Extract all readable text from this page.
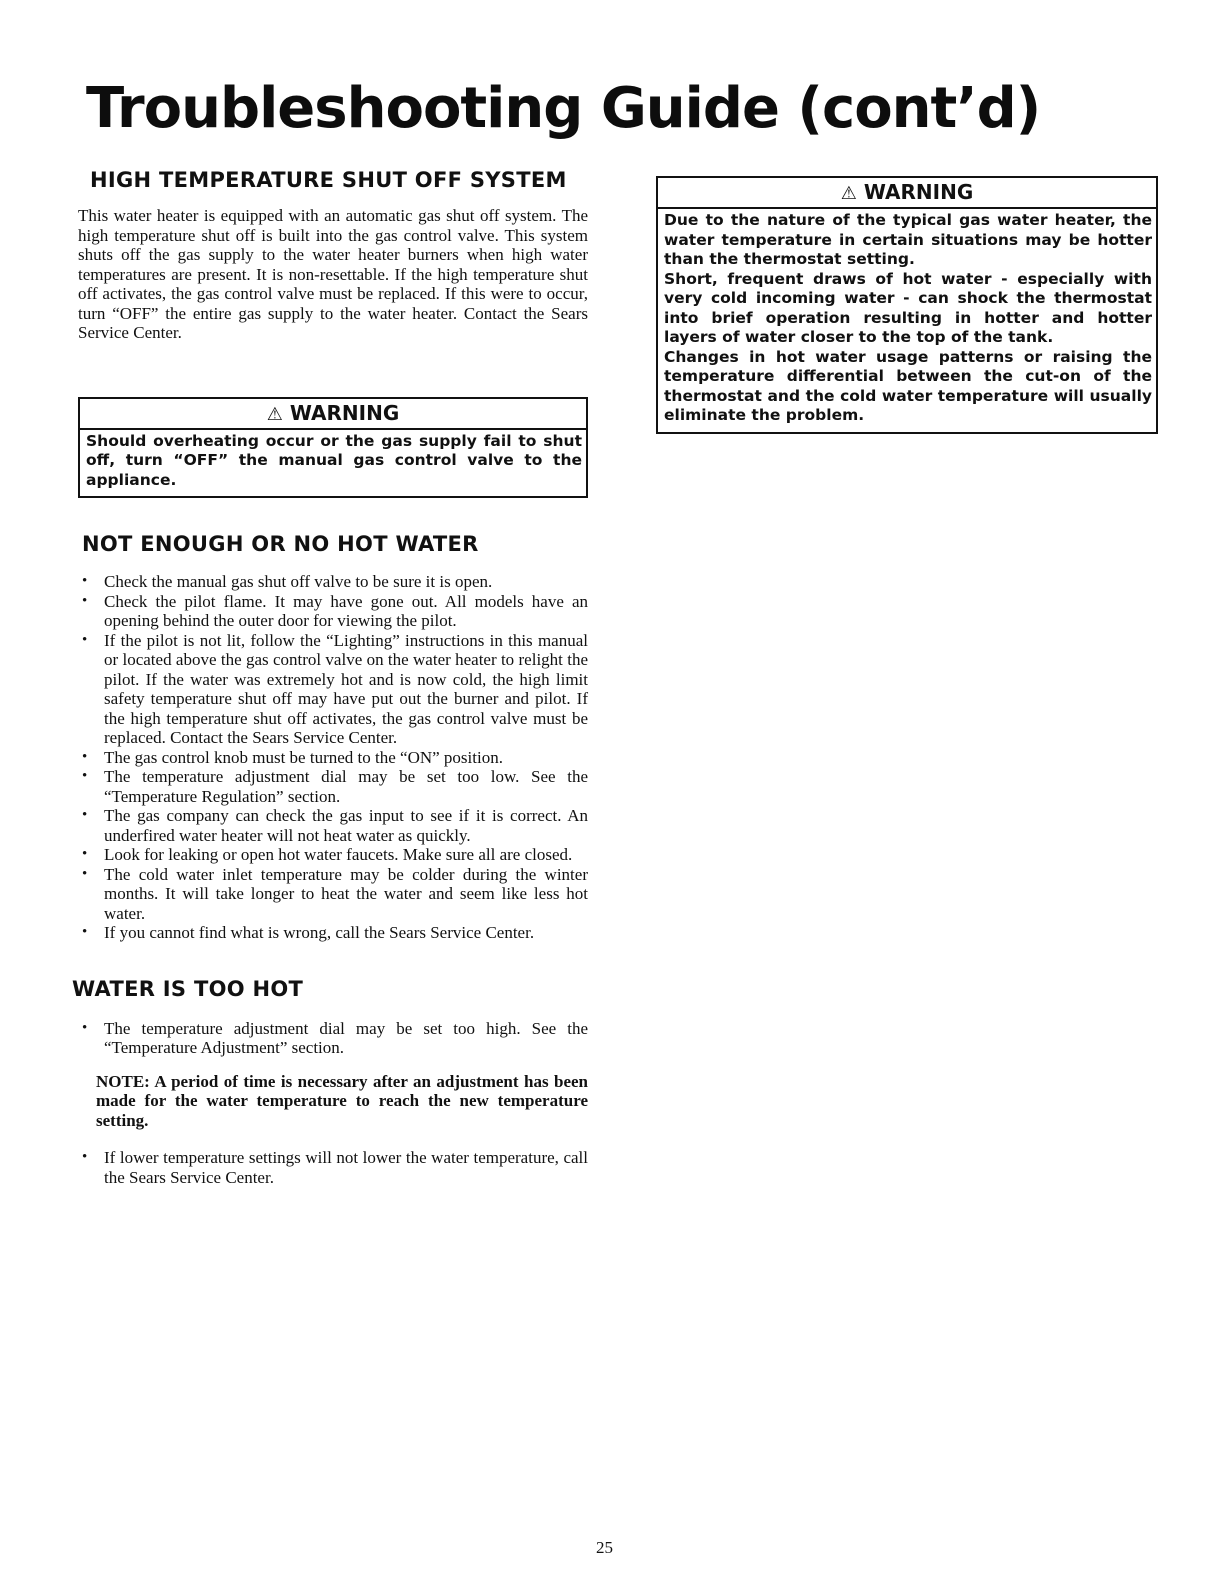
Troubleshooting Guide (cont’d)
HIGH TEMPERATURE SHUT OFF SYSTEM

This water heater is equipped with an automatic gas shut off system. The high temperature shut off is built into the gas control valve. This system shuts off the gas supply to the water heater burners when high water temperatures are present. It is non-resettable. If the high temperature shut off activates, the gas control valve must be replaced. If this were to occur, turn “OFF” the entire gas supply to the water heater. Contact the Sears Service Center.

⚠ WARNING

Should overheating occur or the gas supply fail to shut off, turn “OFF” the manual gas control valve to the appliance.

NOT ENOUGH OR NO HOT WATER
• Check the manual gas shut off valve to be sure it is open.
• Check the pilot flame. It may have gone out. All models have an opening behind the outer door for viewing the pilot.
• If the pilot is not lit, follow the “Lighting” instructions in this manual or located above the gas control valve on the water heater to relight the pilot. If the water was extremely hot and is now cold, the high limit safety temperature shut off may have put out the burner and pilot. If the high temperature shut off activates, the gas control valve must be replaced. Contact the Sears Service Center.
• The gas control knob must be turned to the “ON” position.
• The temperature adjustment dial may be set too low. See the “Temperature Regulation” section.
• The gas company can check the gas input to see if it is correct. An underfired water heater will not heat water as quickly.
• Look for leaking or open hot water faucets. Make sure all are closed.
• The cold water inlet temperature may be colder during the winter months. It will take longer to heat the water and seem like less hot water.
• If you cannot find what is wrong, call the Sears Service Center.
WATER IS TOO HOT
• The temperature adjustment dial may be set too high. See the “Temperature Adjustment” section.

NOTE: A period of time is necessary after an adjustment has been made for the water temperature to reach the new temperature setting.

• If lower temperature settings will not lower the water temperature, call the Sears Service Center.
⚠ WARNING

Due to the nature of the typical gas water heater, the water temperature in certain situations may be hotter than the thermostat setting.

Short, frequent draws of hot water - especially with very cold incoming water - can shock the thermostat into brief operation resulting in hotter and hotter layers of water closer to the top of the tank.

Changes in hot water usage patterns or raising the temperature differential between the cut-on of the thermostat and the cold water temperature will usually eliminate the problem.

25
